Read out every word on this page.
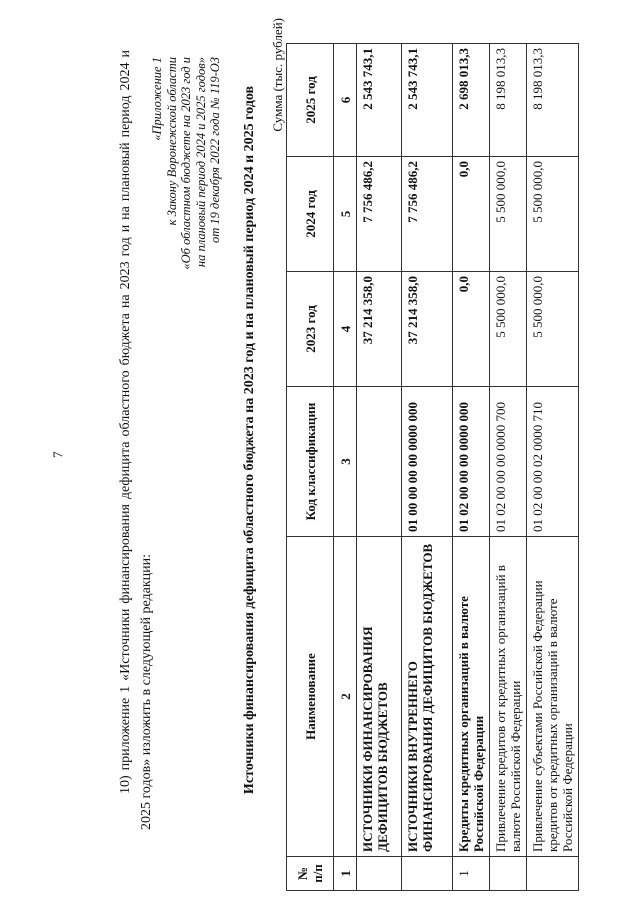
7	10) приложение 1 «Источники финансирования дефицита областного бюджета на 2023 год и на плановый период 2024 и 2025 годов» изложить в следующей редакции:

«Приложение 1 к Закону Воронежской области «Об областном бюджете на 2023 год и на плановый период 2024 и 2025 годов» от 19 декабря 2022 года № 119-ОЗ Источники финансирования дефицита областного бюджета на 2023 год и на плановый период 2024 и 2025 годов
Сумма (тыс. рублей)
№ п/п	Наименование	Код классификации	2023 год	2024 год	2025 год
1	2	3	4	5	6
	ИСТОЧНИКИ ФИНАНСИРОВАНИЯ ДЕФИЦИТОВ БЮДЖЕТОВ		37 214 358,0	7 756 486,2	2 543 743,1
	ИСТОЧНИКИ ВНУТРЕННЕГО ФИНАНСИРОВАНИЯ ДЕФИЦИТОВ БЮДЖЕТОВ	01 00 00 00 00 0000 000	37 214 358,0	7 756 486,2	2 543 743,1
1	Кредиты кредитных организаций в валюте Российской Федерации	01 02 00 00 00 0000 000	0,0	0,0	2 698 013,3
	Привлечение кредитов от кредитных организаций в валюте Российской Федерации	01 02 00 00 00 0000 700	5 500 000,0	5 500 000,0	8 198 013,3
	Привлечение субъектами Российской Федерации кредитов от кредитных организаций в валюте Российской Федерации	01 02 00 00 02 0000 710	5 500 000,0	5 500 000,0	8 198 013,3
